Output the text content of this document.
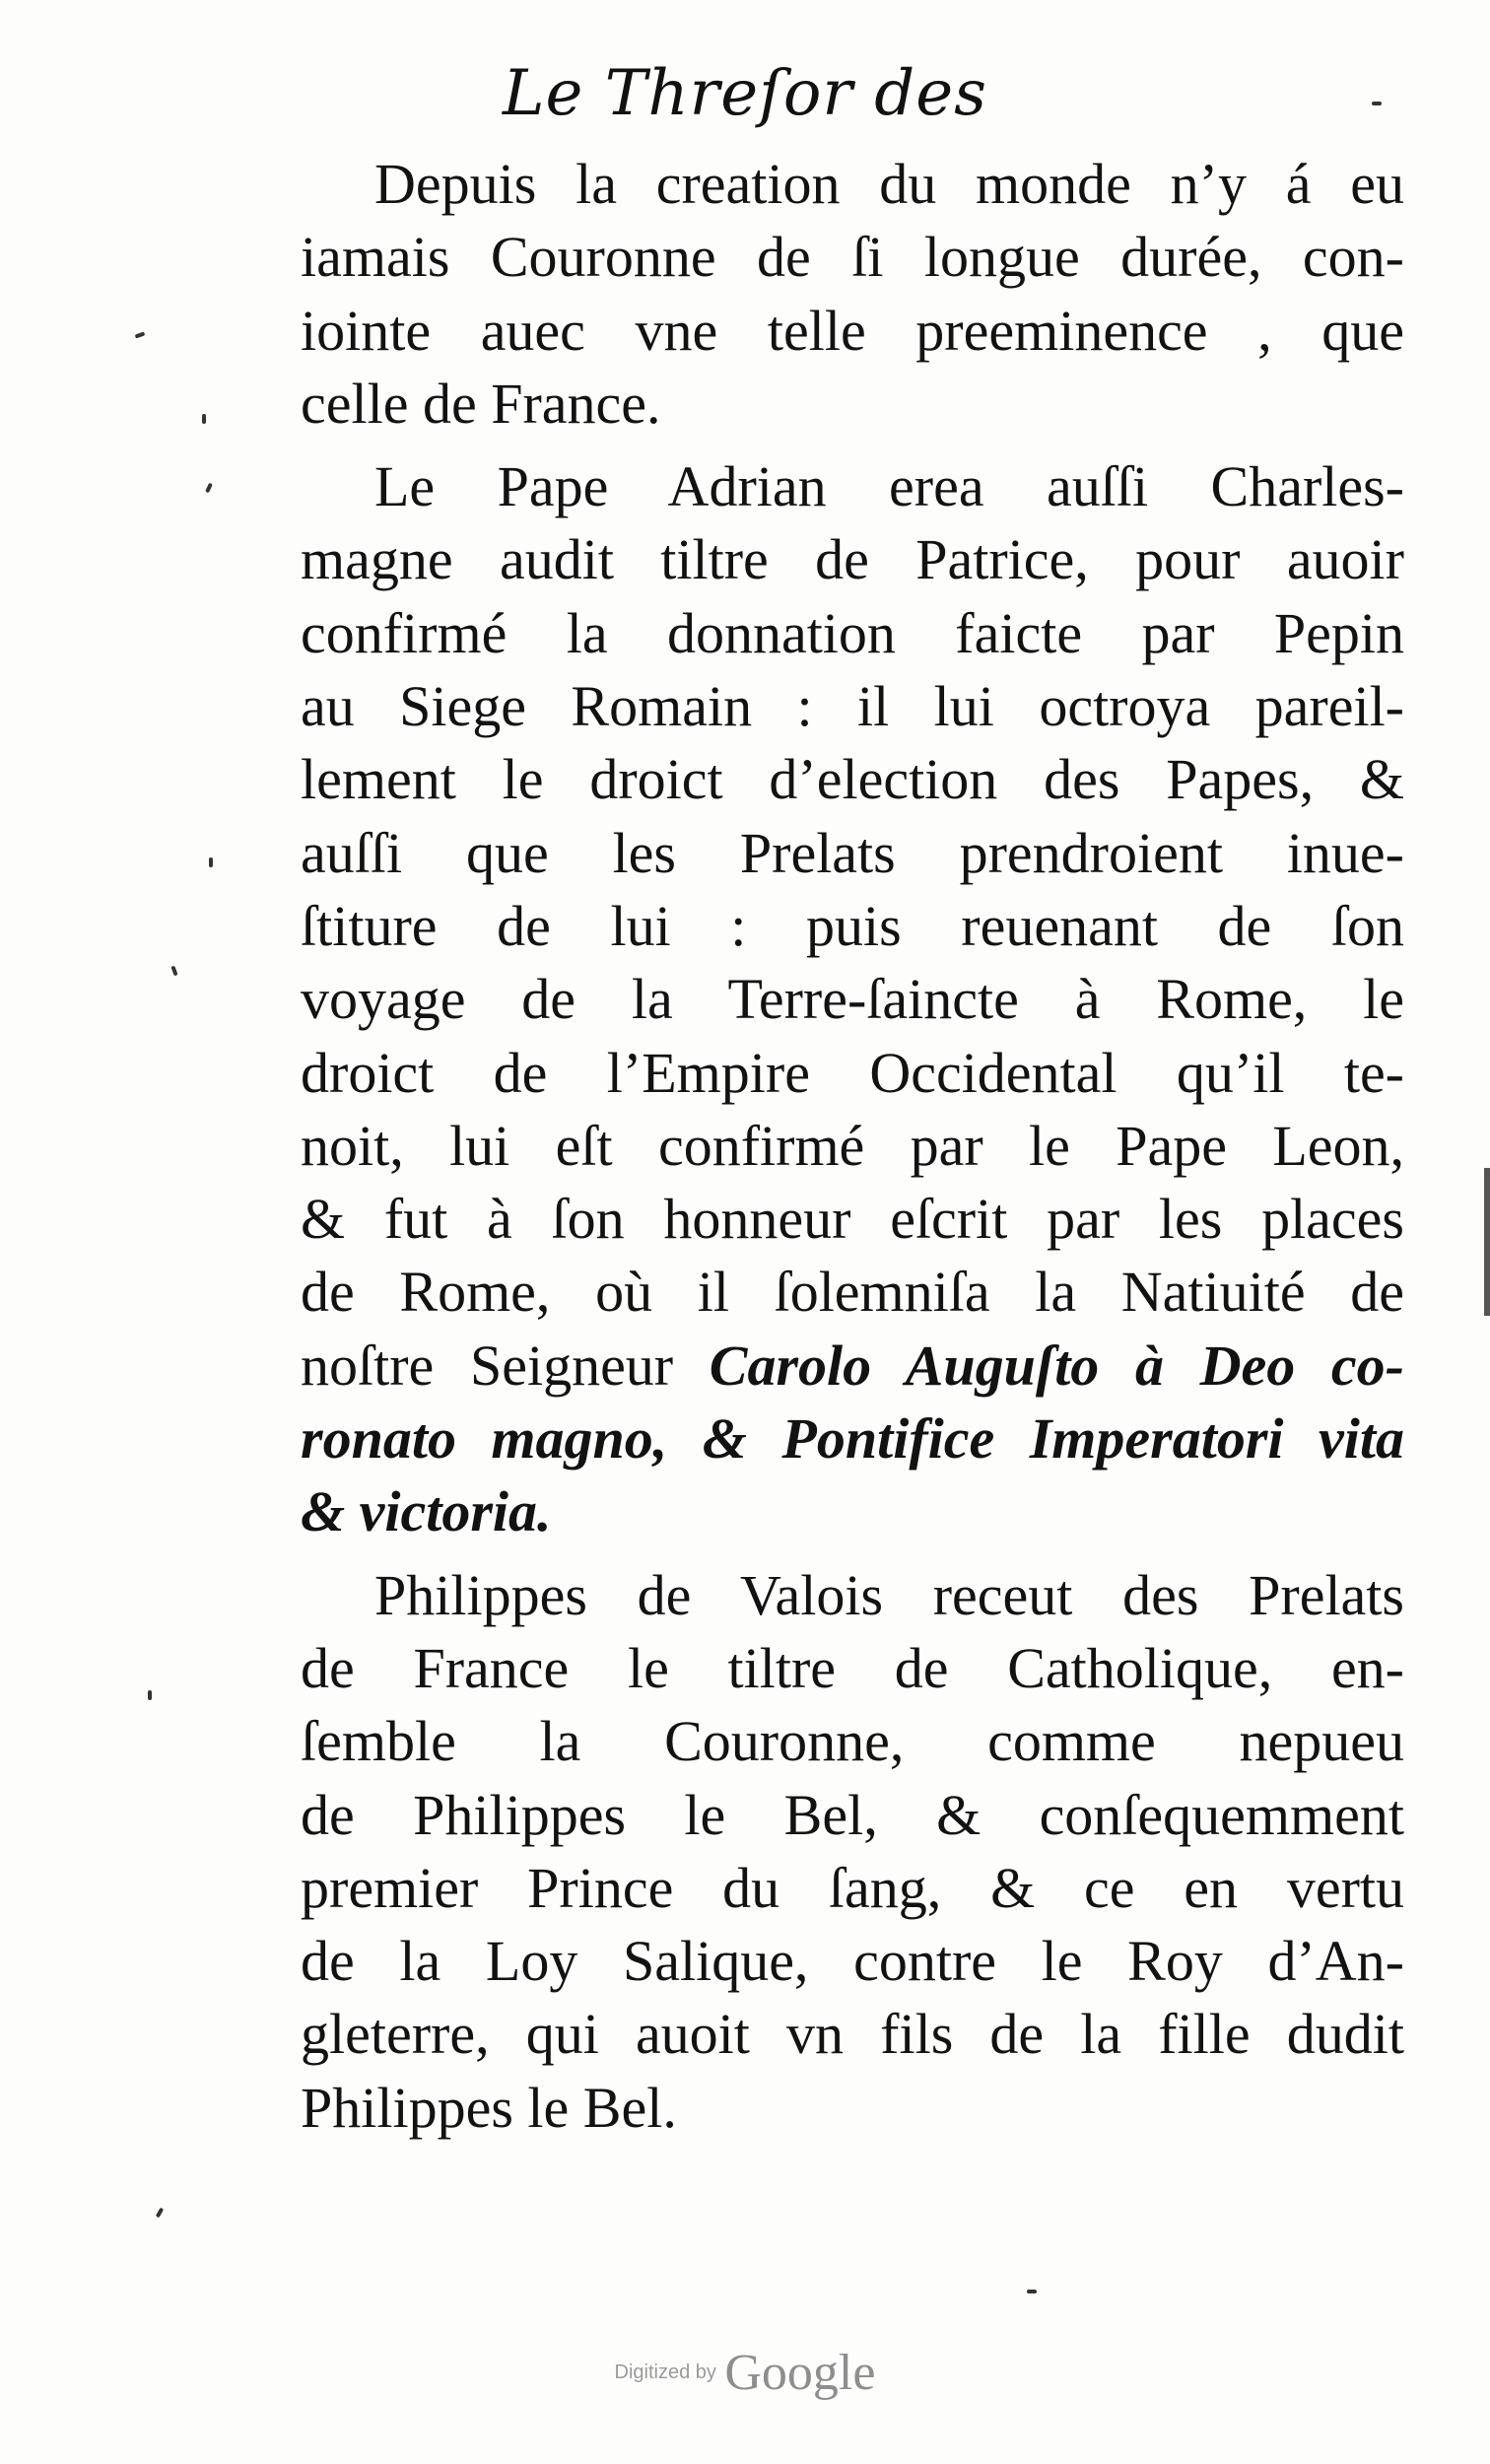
Le Threſor des
Depuis la creation du monde n’y á eu
iamais Couronne de ſi longue durée, con-
iointe auec vne telle preeminence , que
celle de France.
Le Pape Adrian erea auſſi Charles-
magne audit tiltre de Patrice, pour auoir
confirmé la donnation faicte par Pepin
au Siege Romain : il lui octroya pareil-
lement le droict d’election des Papes, &
auſſi que les Prelats prendroient inue-
ſtiture de lui : puis reuenant de ſon
voyage de la Terre-ſaincte à Rome, le
droict de l’Empire Occidental qu’il te-
noit, lui eſt confirmé par le Pape Leon,
& fut à ſon honneur eſcrit par les places
de Rome, où il ſolemniſa la Natiuité de
noſtre Seigneur Carolo Auguſto à Deo co-
ronato magno, & Pontifice Imperatori vita
& victoria.
Philippes de Valois receut des Prelats
de France le tiltre de Catholique, en-
ſemble la Couronne, comme nepueu
de Philippes le Bel, & conſequemment
premier Prince du ſang, & ce en vertu
de la Loy Salique, contre le Roy d’An-
gleterre, qui auoit vn fils de la fille dudit
Philippes le Bel.
Digitized by Google
